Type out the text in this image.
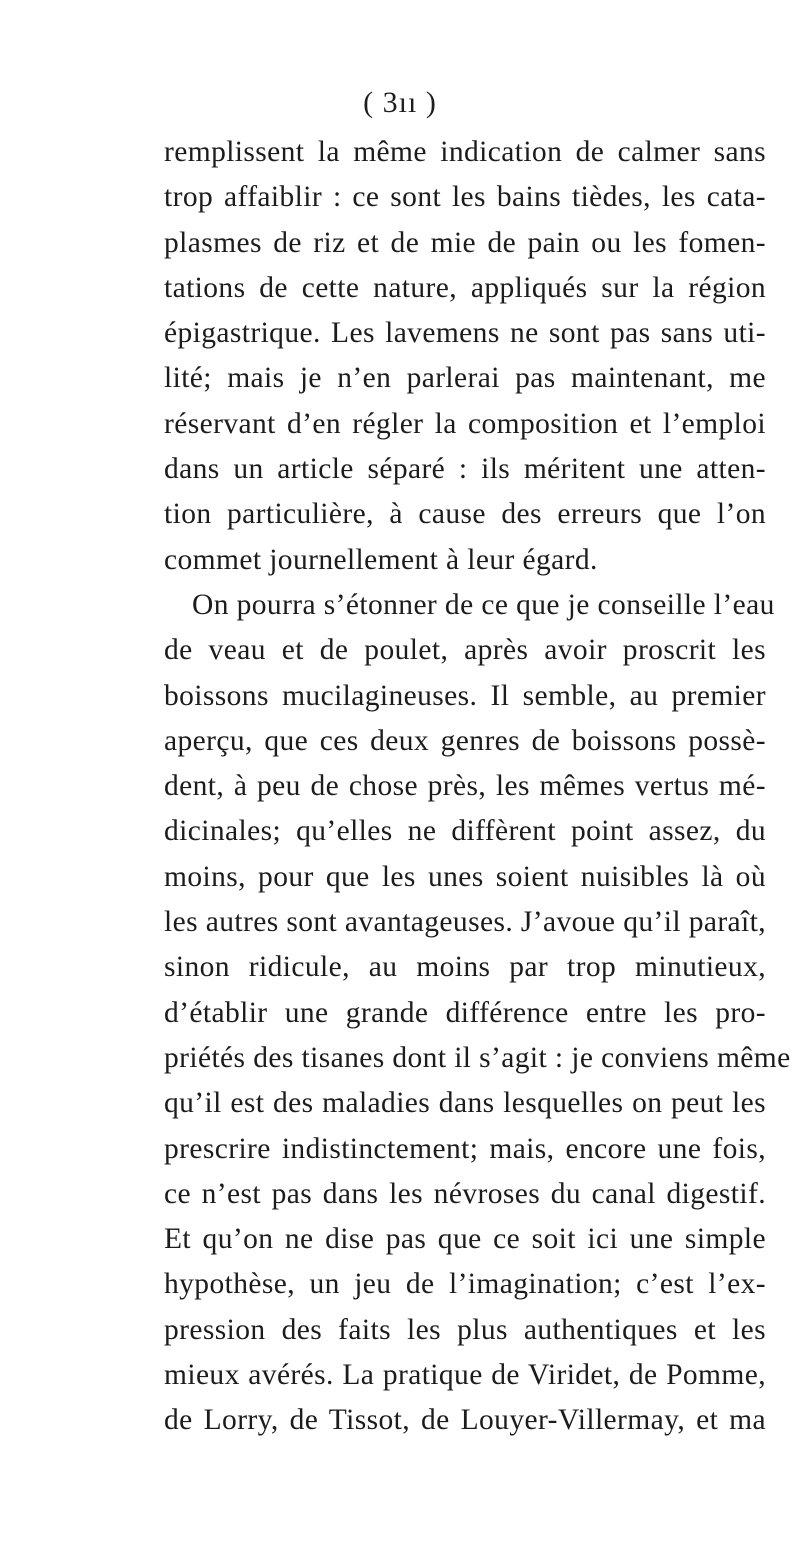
( 3ıı )
remplissent la même indication de calmer sans
trop affaiblir : ce sont les bains tièdes, les cata-
plasmes de riz et de mie de pain ou les fomen-
tations de cette nature, appliqués sur la région
épigastrique. Les lavemens ne sont pas sans uti-
lité; mais je n’en parlerai pas maintenant, me
réservant d’en régler la composition et l’emploi
dans un article séparé : ils méritent une atten-
tion particulière, à cause des erreurs que l’on
commet journellement à leur égard.
On pourra s’étonner de ce que je conseille l’eau
de veau et de poulet, après avoir proscrit les
boissons mucilagineuses. Il semble, au premier
aperçu, que ces deux genres de boissons possè-
dent, à peu de chose près, les mêmes vertus mé-
dicinales; qu’elles ne diffèrent point assez, du
moins, pour que les unes soient nuisibles là où
les autres sont avantageuses. J’avoue qu’il paraît,
sinon ridicule, au moins par trop minutieux,
d’établir une grande différence entre les pro-
priétés des tisanes dont il s’agit : je conviens même
qu’il est des maladies dans lesquelles on peut les
prescrire indistinctement; mais, encore une fois,
ce n’est pas dans les névroses du canal digestif.
Et qu’on ne dise pas que ce soit ici une simple
hypothèse, un jeu de l’imagination; c’est l’ex-
pression des faits les plus authentiques et les
mieux avérés. La pratique de Viridet, de Pomme,
de Lorry, de Tissot, de Louyer-Villermay, et ma
